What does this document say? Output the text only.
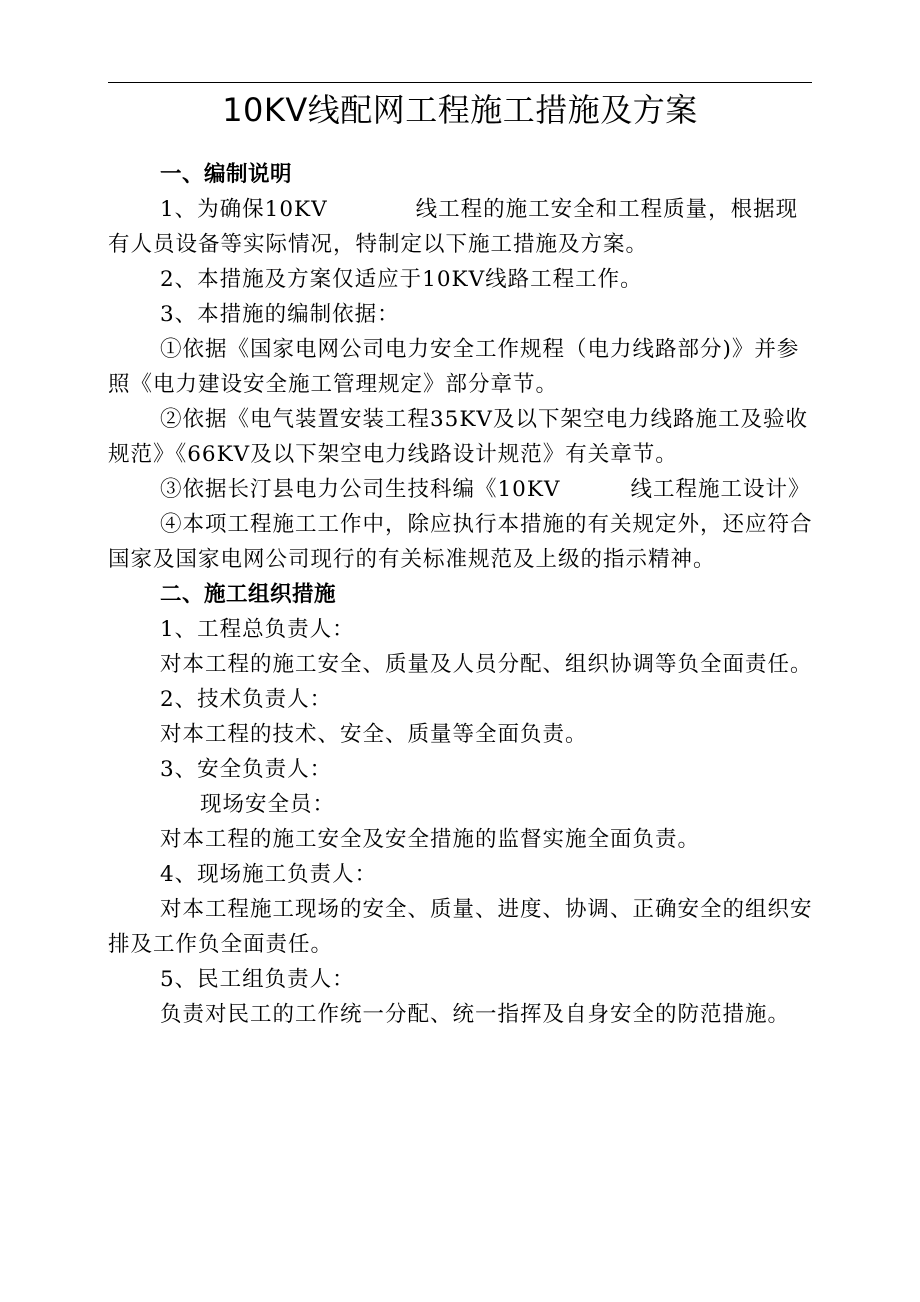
10KV线配网工程施工措施及方案

一、编制说明

1、为确保10KV	线工程的施工安全和工程质量，根据现有人员设备等实际情况，特制定以下施工措施及方案。

2、本措施及方案仅适应于10KV线路工程工作。

3、本措施的编制依据：

①依据《国家电网公司电力安全工作规程（电力线路部分)》并参照《电力建设安全施工管理规定》部分章节。

②依据《电气装置安装工程35KV及以下架空电力线路施工及验收规范》《66KV及以下架空电力线路设计规范》有关章节。

③依据长汀县电力公司生技科编《10KV	线工程施工设计》

④本项工程施工工作中，除应执行本措施的有关规定外，还应符合国家及国家电网公司现行的有关标准规范及上级的指示精神。

二、施工组织措施

1、工程总负责人：

对本工程的施工安全、质量及人员分配、组织协调等负全面责任。

2、技术负责人：

对本工程的技术、安全、质量等全面负责。

3、安全负责人：

现场安全员：

对本工程的施工安全及安全措施的监督实施全面负责。

4、现场施工负责人：

对本工程施工现场的安全、质量、进度、协调、正确安全的组织安排及工作负全面责任。

5、民工组负责人：

负责对民工的工作统一分配、统一指挥及自身安全的防范措施。
